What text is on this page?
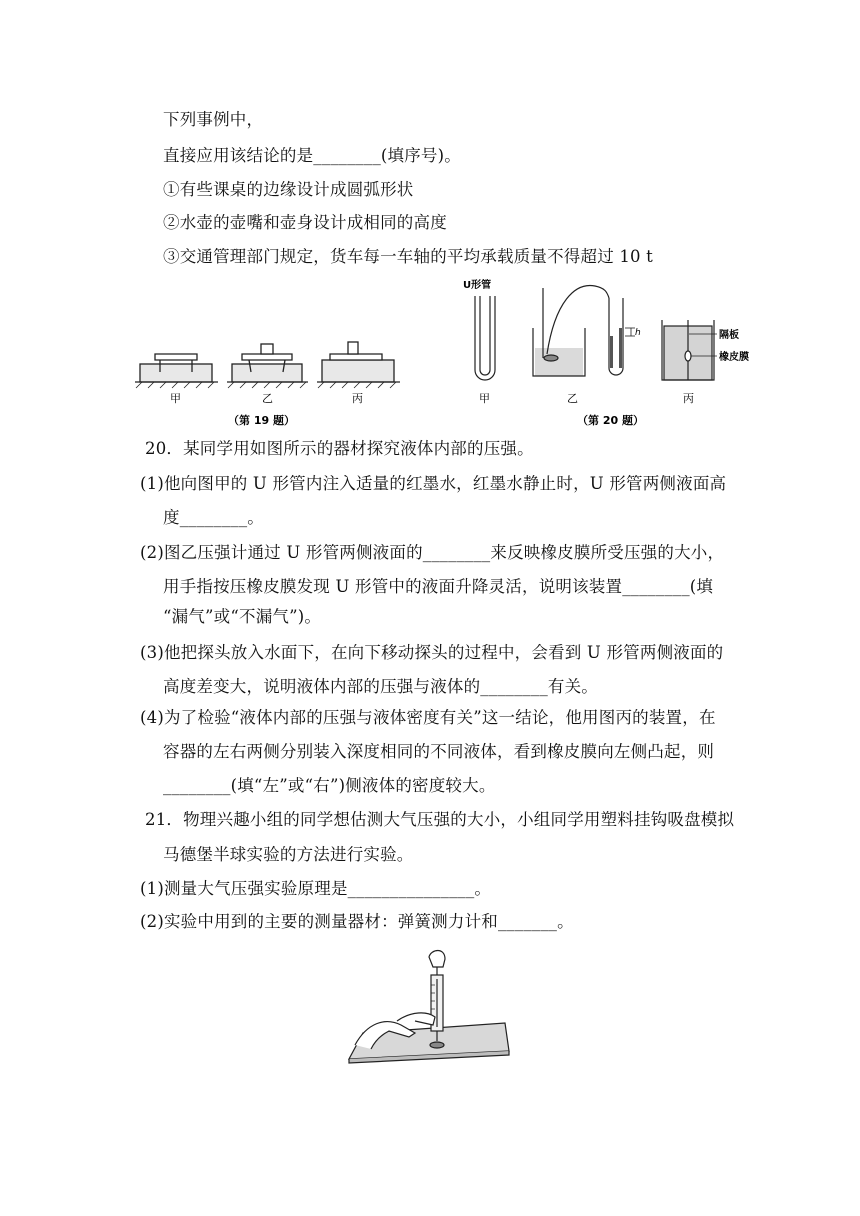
下列事例中，
直接应用该结论的是________(填序号)。
①有些课桌的边缘设计成圆弧形状
②水壶的壶嘴和壶身设计成相同的高度
③交通管理部门规定，货车每一车轴的平均承载质量不得超过 10 t
甲	乙	丙
（第 19 题）
U形管
h	隔板
橡皮膜
甲	乙	丙
（第 20 题）
20．某同学用如图所示的器材探究液体内部的压强。
(1)他向图甲的 U 形管内注入适量的红墨水，红墨水静止时，U 形管两侧液面高
度________。
(2)图乙压强计通过 U 形管两侧液面的________来反映橡皮膜所受压强的大小，
用手指按压橡皮膜发现 U 形管中的液面升降灵活，说明该装置________(填
“漏气”或“不漏气”)。
(3)他把探头放入水面下，在向下移动探头的过程中，会看到 U 形管两侧液面的
高度差变大，说明液体内部的压强与液体的________有关。
(4)为了检验“液体内部的压强与液体密度有关”这一结论，他用图丙的装置，在
容器的左右两侧分别装入深度相同的不同液体，看到橡皮膜向左侧凸起，则
________(填“左”或“右”)侧液体的密度较大。
21．物理兴趣小组的同学想估测大气压强的大小，小组同学用塑料挂钩吸盘模拟
马德堡半球实验的方法进行实验。
(1)测量大气压强实验原理是_______________。
(2)实验中用到的主要的测量器材：弹簧测力计和_______。
